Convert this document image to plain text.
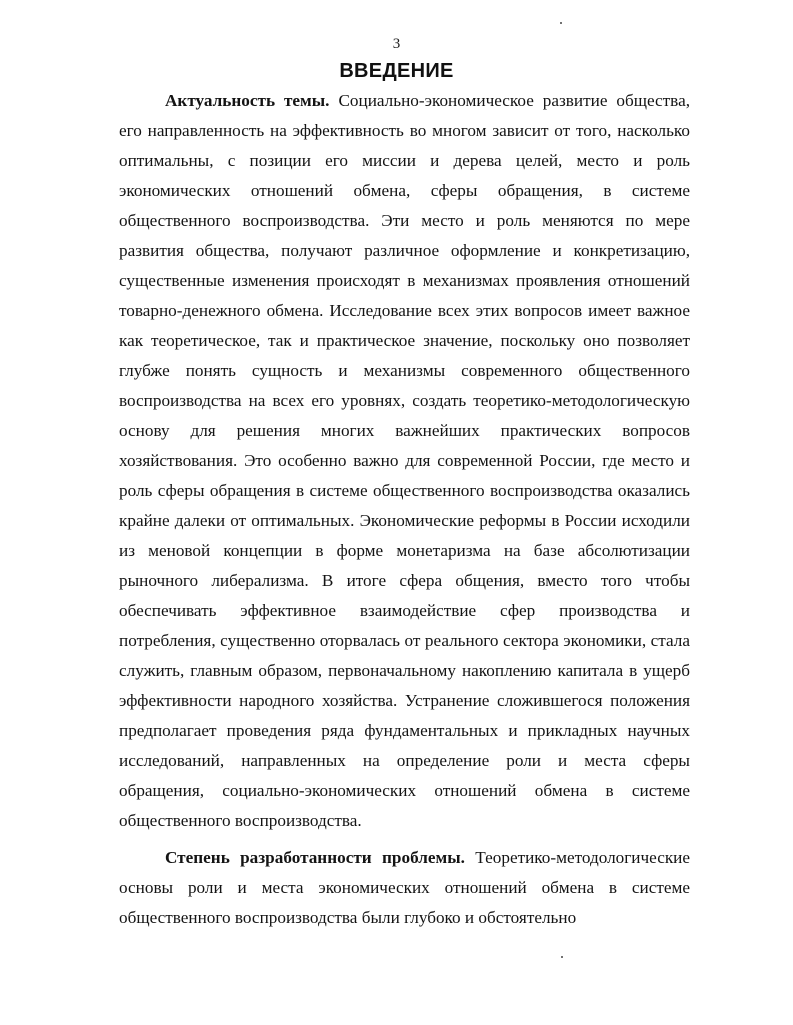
3
ВВЕДЕНИЕ

Актуальность темы. Социально-экономическое развитие общества, его направленность на эффективность во многом зависит от того, насколько оптимальны, с позиции его миссии и дерева целей, место и роль экономических отношений обмена, сферы обращения, в системе общественного воспроизводства. Эти место и роль меняются по мере развития общества, получают различное оформление и конкретизацию, существенные изменения происходят в механизмах проявления отношений товарно-денежного обмена. Исследование всех этих вопросов имеет важное как теоретическое, так и практическое значение, поскольку оно позволяет глубже понять сущность и механизмы современного общественного воспроизводства на всех его уровнях, создать теоретико-методологическую основу для решения многих важнейших практических вопросов хозяйствования. Это особенно важно для современной России, где место и роль сферы обращения в системе общественного воспроизводства оказались крайне далеки от оптимальных. Экономические реформы в России исходили из меновой концепции в форме монетаризма на базе абсолютизации рыночного либерализма. В итоге сфера общения, вместо того чтобы обеспечивать эффективное взаимодействие сфер производства и потребления, существенно оторвалась от реального сектора экономики, стала служить, главным образом, первоначальному накоплению капитала в ущерб эффективности народного хозяйства. Устранение сложившегося положения предполагает проведения ряда фундаментальных и прикладных научных исследований, направленных на определение роли и места сферы обращения, социально-экономических отношений обмена в системе общественного воспроизводства.

Степень разработанности проблемы. Теоретико-методологические основы роли и места экономических отношений обмена в системе общественного воспроизводства были глубоко и обстоятельно
